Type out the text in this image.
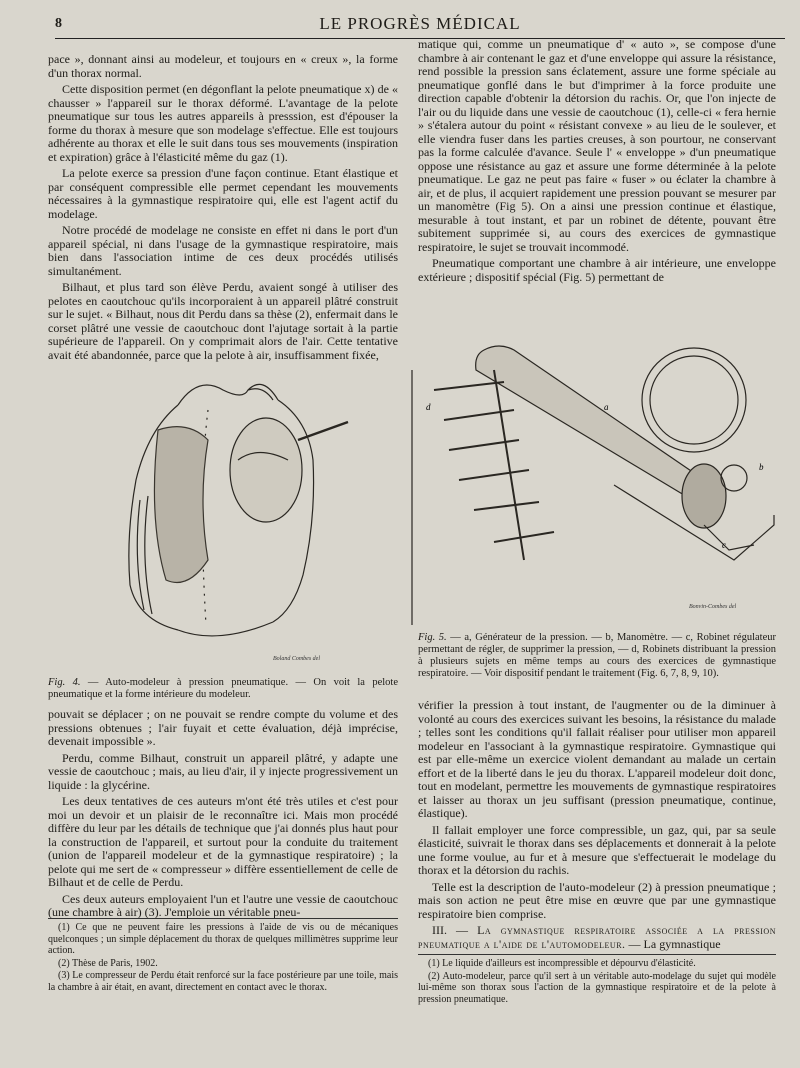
8	LE PROGRÈS MÉDICAL

pace », donnant ainsi au modeleur, et toujours en « creux », la forme d'un thorax normal.

Cette disposition permet (en dégonflant la pelote pneumatique x) de « chausser » l'appareil sur le thorax déformé. L'avantage de la pelote pneumatique sur tous les autres appareils à presssion, est d'épouser la forme du thorax à mesure que son modelage s'effectue. Elle est toujours adhérente au thorax et elle le suit dans tous ses mouvements (inspiration et expiration) grâce à l'élasticité même du gaz (1).

La pelote exerce sa pression d'une façon continue. Etant élastique et par conséquent compressible elle permet cependant les mouvements nécessaires à la gymnastique respiratoire qui, elle est l'agent actif du modelage.

Notre procédé de modelage ne consiste en effet ni dans le port d'un appareil spécial, ni dans l'usage de la gymnastique respiratoire, mais bien dans l'association intime de ces deux procédés utilisés simultanément.

Bilhaut, et plus tard son élève Perdu, avaient songé à utiliser des pelotes en caoutchouc qu'ils incorporaient à un appareil plâtré construit sur le sujet. « Bilhaut, nous dit Perdu dans sa thèse (2), enfermait dans le corset plâtré une vessie de caoutchouc dont l'ajutage sortait à la partie supérieure de l'appareil. On y comprimait alors de l'air. Cette tentative avait été abandonnée, parce que la pelote à air, insuffisamment fixée,

matique qui, comme un pneumatique d' « auto », se compose d'une chambre à air contenant le gaz et d'une enveloppe qui assure la résistance, rend possible la pression sans éclatement, assure une forme spéciale au pneumatique gonflé dans le but d'imprimer à la force produite une direction capable d'obtenir la détorsion du rachis. Or, que l'on injecte de l'air ou du liquide dans une vessie de caoutchouc (1), celle-ci « fera hernie » s'étalera autour du point « résistant convexe » au lieu de le soulever, et elle viendra fuser dans les parties creuses, à son pourtour, ne conservant pas la forme calculée d'avance. Seule l' « enveloppe » d'un pneumatique oppose une résistance au gaz et assure une forme déterminée à la pelote pneumatique. Le gaz ne peut pas faire « fuser » ou éclater la chambre à air, et de plus, il acquiert rapidement une pression pouvant se mesurer par un manomètre (Fig 5). On a ainsi une pression continue et élastique, mesurable à tout instant, et par un robinet de détente, pouvant être subitement supprimée si, au cours des exercices de gymnastique respiratoire, le sujet se trouvait incommodé.

Pneumatique comportant une chambre à air intérieure, une enveloppe extérieure ; dispositif spécial (Fig. 5) permettant de

Boland Combes del
Fig. 4. — Auto-modeleur à pression pneumatique. — On voit la pelote pneumatique et la forme intérieure du modeleur.
a
b
c
d
Bonvin-Combes del
Fig. 5. — a, Générateur de la pression. — b, Manomètre. — c, Robinet régulateur permettant de régler, de supprimer la pression, — d, Robinets distribuant la pression à plusieurs sujets en même temps au cours des exercices de gymnastique respiratoire. — Voir dispositif pendant le traitement (Fig. 6, 7, 8, 9, 10).

pouvait se déplacer ; on ne pouvait se rendre compte du volume et des pressions obtenues ; l'air fuyait et cette évaluation, déjà imprécise, devenait impossible ».

Perdu, comme Bilhaut, construit un appareil plâtré, y adapte une vessie de caoutchouc ; mais, au lieu d'air, il y injecte progressivement un liquide : la glycérine.

Les deux tentatives de ces auteurs m'ont été très utiles et c'est pour moi un devoir et un plaisir de le reconnaître ici. Mais mon procédé diffère du leur par les détails de technique que j'ai donnés plus haut pour la construction de l'appareil, et surtout pour la conduite du traitement (union de l'appareil modeleur et de la gymnastique respiratoire) ; la pelote qui me sert de « compresseur » diffère essentiellement de celle de Bilhaut et de celle de Perdu.

Ces deux auteurs employaient l'un et l'autre une vessie de caoutchouc (une chambre à air) (3). J'emploie un véritable pneu-

vérifier la pression à tout instant, de l'augmenter ou de la diminuer à volonté au cours des exercices suivant les besoins, la résistance du malade ; telles sont les conditions qu'il fallait réaliser pour utiliser mon appareil modeleur en l'associant à la gymnastique respiratoire. Gymnastique qui est par elle-même un exercice violent demandant au malade un certain effort et de la liberté dans le jeu du thorax. L'appareil modeleur doit donc, tout en modelant, permettre les mouvements de gymnastique respiratoires et laisser au thorax un jeu suffisant (pression pneumatique, continue, élastique).

Il fallait employer une force compressible, un gaz, qui, par sa seule élasticité, suivrait le thorax dans ses déplacements et donnerait à la pelote une forme voulue, au fur et à mesure que s'effectuerait le modelage du thorax et la détorsion du rachis.

Telle est la description de l'auto-modeleur (2) à pression pneumatique ; mais son action ne peut être mise en œuvre que par une gymnastique respiratoire bien comprise.

III. — La gymnastique respiratoire associée a la pression pneumatique a l'aide de l'automodeleur. — La gymnastique

(1) Ce que ne peuvent faire les pressions à l'aide de vis ou de mécaniques quelconques ; un simple déplacement du thorax de quelques millimètres supprime leur action.

(2) Thèse de Paris, 1902.

(3) Le compresseur de Perdu était renforcé sur la face postérieure par une toile, mais la chambre à air était, en avant, directement en contact avec le thorax.

(1) Le liquide d'ailleurs est incompressible et dépourvu d'élasticité.

(2) Auto-modeleur, parce qu'il sert à un véritable auto-modelage du sujet qui modèle lui-même son thorax sous l'action de la gymnastique respiratoire et de la pelote à pression pneumatique.
